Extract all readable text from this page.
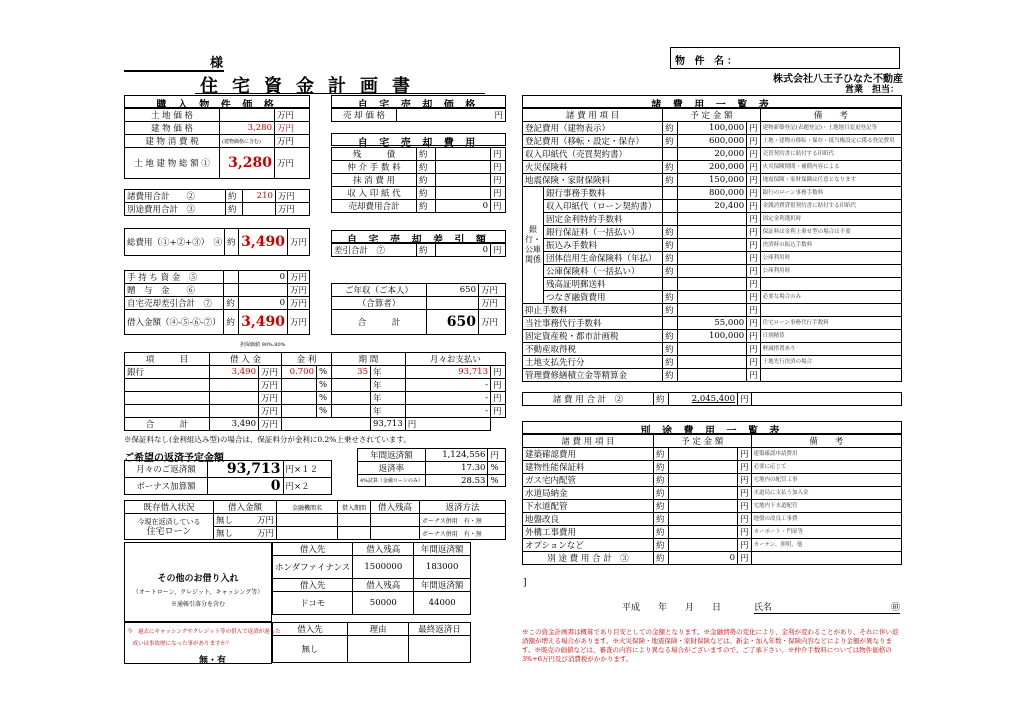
様
住宅資金計画書
物 件 名：
株式会社八王子ひなた不動産
営業　担当：
購 入 物 件 価 格
土 地 価 格		万円
建 物 価 格	3,280	万円
建 物 消 費 税	(建物価格に含む)	万円
土 地 建 物 総 額 ①	3,280	万円
諸費用合計　　②	約	210	万円
別途費用合計　③	約		万円
総費用（①+②+③）　④	約	3,490	万円
手 持 ち 資 金　⑤		0	万円
贈　与　金　　⑥			万円
自宅売却差引合計　⑦	約	0	万円
借入金額（④-⑤-⑥-⑦）	約	3,490	万円
担保価値 90%.80%
自 宅 売 却 価 格
売 却 価 格	円
自 宅 売 却 費 用
残　　　債	約		円
仲 介 手 数 料	約		円
抹 消 費 用	約		円
収 入 印 紙 代	約		円
売却費用合計	約	0	円
自 宅 売 却 差 引 額
差引合計　⑦	約	0	円
ご年収（ご本人）	650	万円
（合算者）		万円
合　　　計	650	万円
項　　　目	借 入 金		金 利		期 間		月々お支払い	
銀行	3,490	万円	0.700	%	35	年	93,713	円
		万円		%		年	-	円
		万円		%		年	-	円
		万円		%		年	-	円
合　　　計	3,490	万円				93,713	円	
※保証料なし(金利組込み型)の場合は、保証料分が金利に0.2%上乗せされています。
ご希望の返済予定金額
月々のご返済額	93,713	円×１２
ボーナス加算額	0	円×２
年間返済額	1,124,556	円
返済率	17.30	%
4%試算（金融ローンのみ）	28.53	%
既存借入状況	借入金額	金融機関名	借入期間	借入残高	返済方法
今現在返済している
住宅ローン	無し 万円				ボーナス併用　有・無
	無し 万円				ボーナス併用　有・無
その他のお借り入れ
（オートローン、クレジット、キャッシング等）
※通帳引落分を含む
借入先	借入残高	年間返済額
ホンダファイナンス	1500000	183000
借入先	借入残高	年間返済額
ドコモ	50000	44000
今　過去にキャッシングやクレジット等の借入で返済が遅った
　成いは事故歴になった事がありますか？
無・有
借入先	理由	最終返済日
無し		
諸 費 用 一 覧 表
諸 費 用 項 目		予 定 金 額			備　　考
登記費用（建物表示）		約	100,000	円	建物新築登記(表題登記)・土地地目変更登記等
登記費用（移転・設定・保存）		約	600,000	円	土地・建物の移転・保存・抵当権設定に係る登記費用
収入印紙代（売買契約書）			20,000	円	売買契約書に貼付する印紙代
火災保険料		約	200,000	円	火災保険期間・補償内容による
地震保険・家財保険料		約	150,000	円	地震保険・家財保険は任意となります
銀行・公庫関係	銀行事務手数料		800,000	円	銀行のローン事務手数料
	収入印紙代（ローン契約書）		20,400	円	金銭消費貸借契約書に貼付する印紙代
	固定金利特約手数料			円	固定金利選択時
	銀行保証料（一括払い）	約		円	保証料は金利上乗せ型の場合は不要
	振込み手数料	約		円	決済時の振込手数料
	団体信用生命保険料（年払）	約		円	公庫利用時
	公庫保険料（一括払い）	約		円	公庫利用時
	残高証明郵送料			円	
	つなぎ融資費用	約		円	必要な場合のみ
抑止手数料		約		円	
当社事務代行手数料			55,000	円	住宅ローン事務代行手数料
固定資産税・都市計画税		約	100,000	円	日割精算
不動産取得税		約		円	軽減措置あり
土地支払先行分		約		円	土地先行決済の場合
管理費修繕積立金等精算金		約		円	
諸 費 用 合 計　②	約	2,045,400	円	
別 途 費 用 一 覧 表
諸 費 用 項 目	予 定 金 額			備　　考
建築確認費用	約		円	建築確認申請費用
建物性能保証料	約		円	必要に応じて
ガス宅内配管	約		円	宅地内の配管工事
水道局納金	約		円	水道局に支払う加入金
下水道配管	約		円	宅地内下水道配管
地盤改良	約		円	地盤の改良工事費
外構工事費用	約		円	カーポート・門扉等
オプションなど	約		円	カーテン、照明、他
別 途 費 用 合 計　③	約	0	円	
]
平成　　年　　月　　日	氏名	㊞
※この資金計画書は概算であり目安としての金額となります。※金融情勢の変化により、金利が変わることがあり、それに伴い返済額が増える場合があります。※火災保険・地震保険・家財保険などは、新金・加入年数・保険内容などにより金額が異なります。※販売の価値などは、審査の内容により異なる場合がございますので、ご了承下さい。※仲介手数料については物件価格の3%+6万円及び消費税がかかります。
